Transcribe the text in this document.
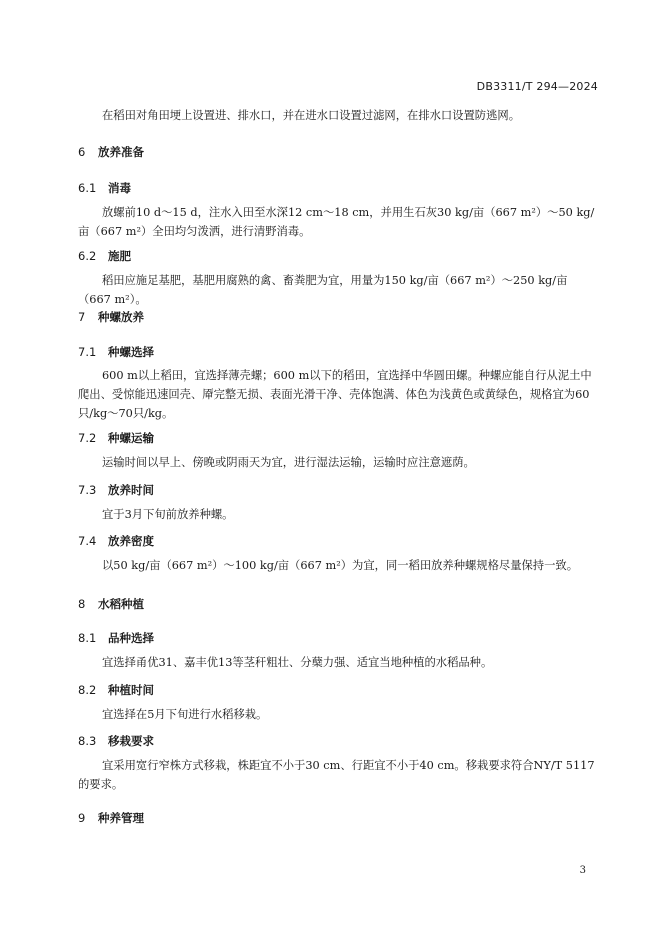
DB3311/T 294—2024

在稻田对角田埂上设置进、排水口，并在进水口设置过滤网，在排水口设置防逃网。

6 放养准备
6.1 消毒

放螺前10 d～15 d，注水入田至水深12 cm～18 cm，并用生石灰30 kg/亩（667 m²）～50 kg/亩（667 m²）全田均匀泼洒，进行清野消毒。

6.2 施肥

稻田应施足基肥，基肥用腐熟的禽、畜粪肥为宜，用量为150 kg/亩（667 m²）～250 kg/亩（667 m²）。

7 种螺放养
7.1 种螺选择

600 m以上稻田，宜选择薄壳螺；600 m以下的稻田，宜选择中华圆田螺。种螺应能自行从泥土中爬出、受惊能迅速回壳、厣完整无损、表面光滑干净、壳体饱满、体色为浅黄色或黄绿色，规格宜为60只/kg～70只/kg。

7.2 种螺运输

运输时间以早上、傍晚或阴雨天为宜，进行湿法运输，运输时应注意遮荫。

7.3 放养时间

宜于3月下旬前放养种螺。

7.4 放养密度

以50 kg/亩（667 m²）～100 kg/亩（667 m²）为宜，同一稻田放养种螺规格尽量保持一致。

8 水稻种植
8.1 品种选择

宜选择甬优31、嘉丰优13等茎秆粗壮、分蘖力强、适宜当地种植的水稻品种。

8.2 种植时间

宜选择在5月下旬进行水稻移栽。

8.3 移栽要求

宜采用宽行窄株方式移栽，株距宜不小于30 cm、行距宜不小于40 cm。移栽要求符合NY/T 5117的要求。

9 种养管理
3
